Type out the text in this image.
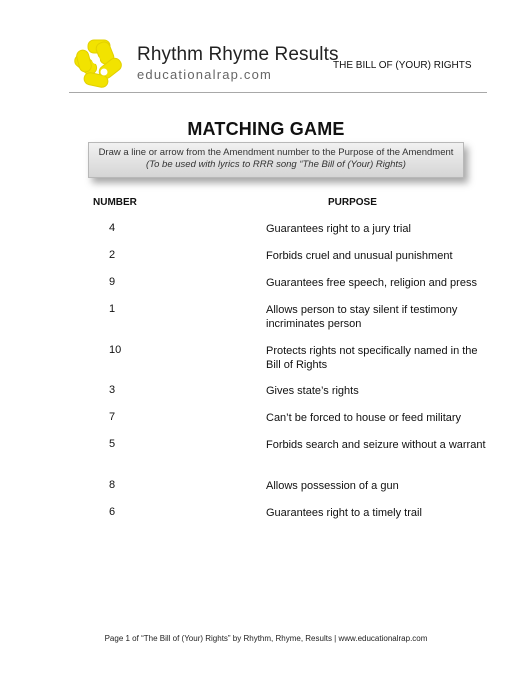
Rhythm Rhyme Results
educationalrap.com
THE BILL OF (YOUR) RIGHTS
MATCHING GAME
Draw a line or arrow from the Amendment number to the Purpose of the Amendment
(To be used with lyrics to RRR song “The Bill of (Your) Rights)
NUMBER	PURPOSE
4	Guarantees right to a jury trial
2	Forbids cruel and unusual punishment
9	Guarantees free speech, religion and press
1	Allows person to stay silent if testimony incriminates person
10	Protects rights not specifically named in the Bill of Rights
3	Gives state’s rights
7	Can’t be forced to house or feed military
5	Forbids search and seizure without a warrant
8	Allows possession of a gun
6	Guarantees right to a timely trail
Page 1 of “The Bill of (Your) Rights” by Rhythm, Rhyme, Results | www.educationalrap.com
